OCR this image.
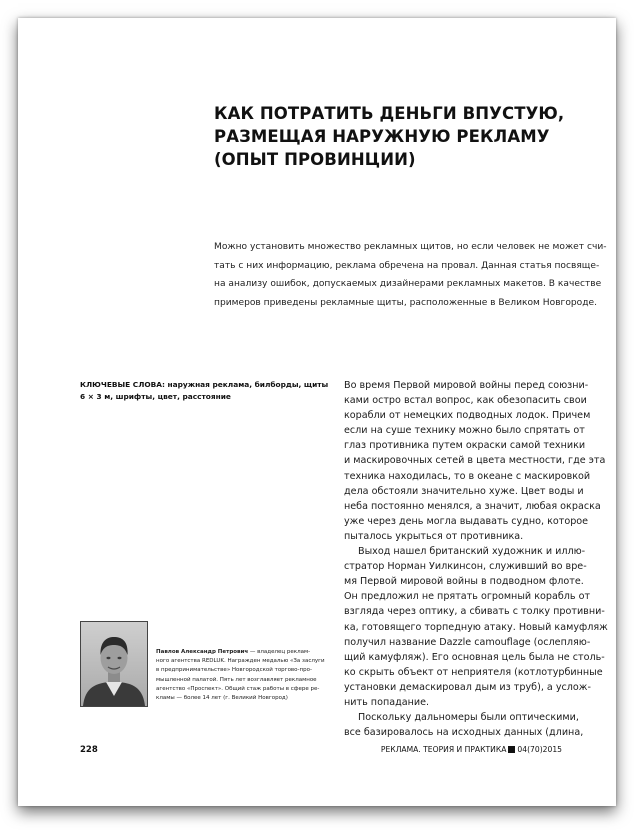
КАК ПОТРАТИТЬ ДЕНЬГИ ВПУСТУЮ,
РАЗМЕЩАЯ НАРУЖНУЮ РЕКЛАМУ
(ОПЫТ ПРОВИНЦИИ)

Можно установить множество рекламных щитов, но если человек не может счи-
тать с них информацию, реклама обречена на провал. Данная статья посвяще-
на анализу ошибок, допускаемых дизайнерами рекламных макетов. В качестве
примеров приведены рекламные щиты, расположенные в Великом Новгороде.

КЛЮЧЕВЫЕ СЛОВА: наружная реклама, билборды, щиты
6 × 3 м, шрифты, цвет, расстояние

Во время Первой мировой войны перед союзни-
ками остро встал вопрос, как обезопасить свои
корабли от немецких подводных лодок. Причем
если на суше технику можно было спрятать от
глаз противника путем окраски самой техники
и маскировочных сетей в цвета местности, где эта
техника находилась, то в океане с маскировкой
дела обстояли значительно хуже. Цвет воды и
неба постоянно менялся, а значит, любая окраска
уже через день могла выдавать судно, которое
пыталось укрыться от противника.
Выход нашел британский художник и иллю-
стратор Норман Уилкинсон, служивший во вре-
мя Первой мировой войны в подводном флоте.
Он предложил не прятать огромный корабль от
взгляда через оптику, а сбивать с толку противни-
ка, готовящего торпедную атаку. Новый камуфляж
получил название Dazzle camouflage (ослепляю-
щий камуфляж). Его основная цель была не столь-
ко скрыть объект от неприятеля (котлотурбинные
установки демаскировал дым из труб), а услож-
нить попадание.
Поскольку дальномеры были оптическими,
все базировалось на исходных данных (длина,

Павлов Александр Петрович — владелец реклам-
ного агентства REDLUK. Награжден медалью «За заслуги
в предпринимательстве» Новгородской торгово-про-
мышленной палатой. Пять лет возглавляет рекламное
агентство «Проспект». Общий стаж работы в сфере ре-
кламы — более 14 лет (г. Великий Новгород)

228	РЕКЛАМА. ТЕОРИЯ И ПРАКТИКА 04(70)2015
